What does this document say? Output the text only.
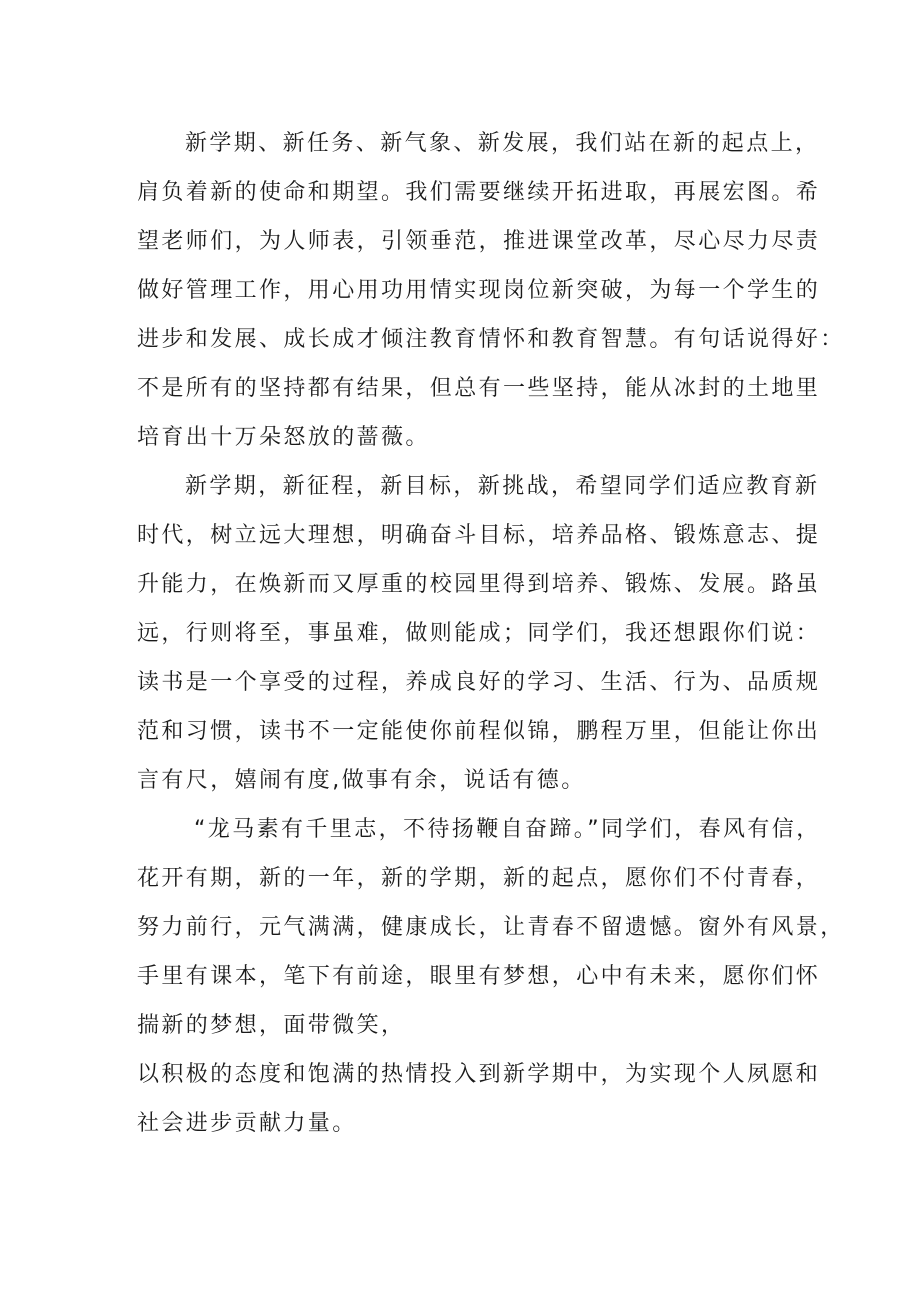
新学期、新任务、新气象、新发展，我们站在新的起点上，
肩负着新的使命和期望。我们需要继续开拓进取，再展宏图。希
望老师们，为人师表，引领垂范，推进课堂改革，尽心尽力尽责
做好管理工作，用心用功用情实现岗位新突破，为每一个学生的
进步和发展、成长成才倾注教育情怀和教育智慧。有句话说得好：
不是所有的坚持都有结果，但总有一些坚持，能从冰封的土地里
培育出十万朵怒放的蔷薇。
新学期，新征程，新目标，新挑战，希望同学们适应教育新
时代，树立远大理想，明确奋斗目标，培养品格、锻炼意志、提
升能力，在焕新而又厚重的校园里得到培养、锻炼、发展。路虽
远，行则将至，事虽难，做则能成；同学们，我还想跟你们说：
读书是一个享受的过程，养成良好的学习、生活、行为、品质规
范和习惯，读书不一定能使你前程似锦，鹏程万里，但能让你出
言有尺，嬉闹有度,做事有余，说话有德。
“龙马素有千里志，不待扬鞭自奋蹄。”同学们，春风有信，
花开有期，新的一年，新的学期，新的起点，愿你们不付青春，
努力前行，元气满满，健康成长，让青春不留遗憾。窗外有风景，
手里有课本，笔下有前途，眼里有梦想，心中有未来，愿你们怀
揣新的梦想，面带微笑，
以积极的态度和饱满的热情投入到新学期中，为实现个人夙愿和
社会进步贡献力量。
